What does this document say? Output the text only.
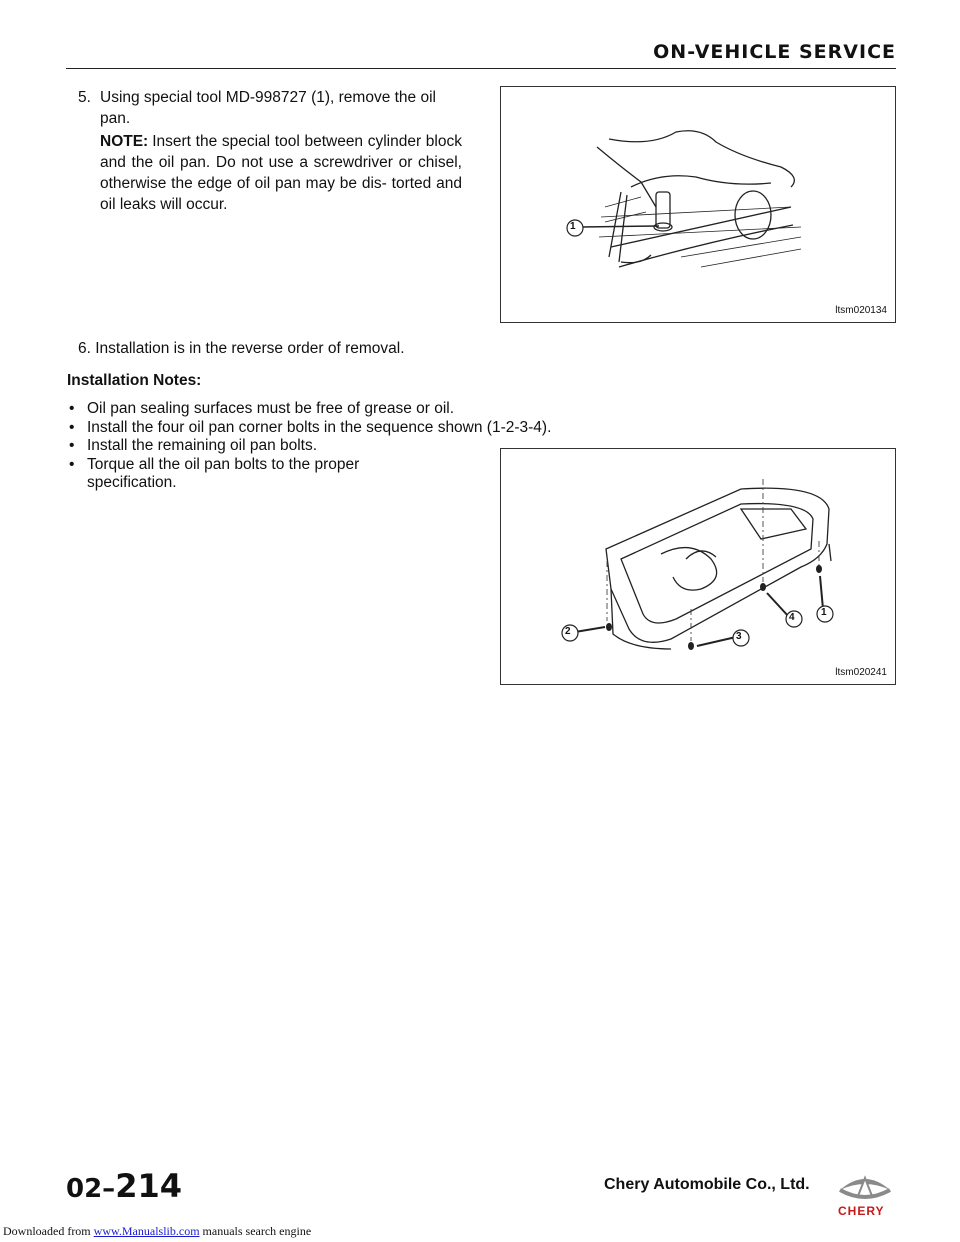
ON-VEHICLE SERVICE
5. Using special tool MD-998727 (1), remove the oil
pan.
NOTE: Insert the special tool between cylinder block and the oil pan. Do not use a screwdriver or chisel, otherwise the edge of oil pan may be dis- torted and oil leaks will occur.
1
ltsm020134
6. Installation is in the reverse order of removal.
Installation Notes:
• Oil pan sealing surfaces must be free of grease or oil.
• Install the four oil pan corner bolts in the sequence shown (1-2-3-4).
• Install the remaining oil pan bolts.
• Torque all the oil pan bolts to the proper specification.
2	3
4	1
ltsm020241
02–214	Chery Automobile Co., Ltd.
CHERY
Downloaded from www.Manualslib.com manuals search engine
